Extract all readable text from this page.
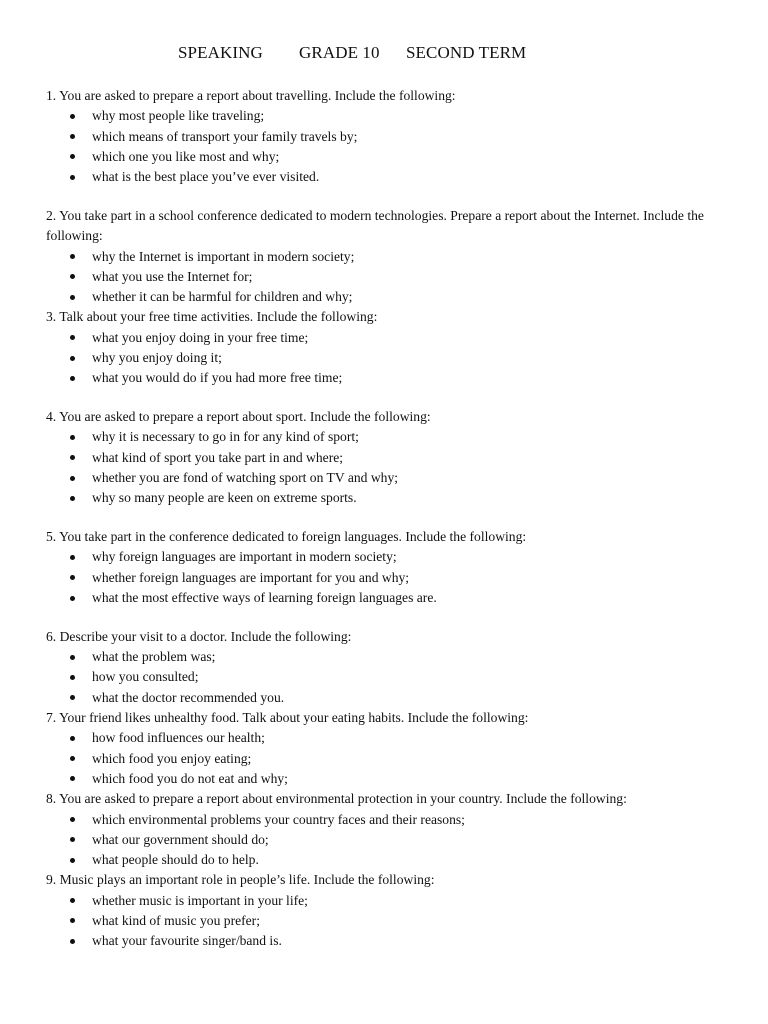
SPEAKING GRADE 10 SECOND TERM

1. You are asked to prepare a report about travelling. Include the following:

why most people like traveling;
which means of transport your family travels by;
which one you like most and why;
what is the best place you’ve ever visited.

2. You take part in a school conference dedicated to modern technologies. Prepare a report about the Internet. Include the following:

why the Internet is important in modern society;
what you use the Internet for;
whether it can be harmful for children and why;

3. Talk about your free time activities. Include the following:

what you enjoy doing in your free time;
why you enjoy doing it;
what you would do if you had more free time;

4. You are asked to prepare a report about sport. Include the following:

why it is necessary to go in for any kind of sport;
what kind of sport you take part in and where;
whether you are fond of watching sport on TV and why;
why so many people are keen on extreme sports.

5. You take part in the conference dedicated to foreign languages. Include the following:

why foreign languages are important in modern society;
whether foreign languages are important for you and why;
what the most effective ways of learning foreign languages are.

6. Describe your visit to a doctor. Include the following:

what the problem was;
how you consulted;
what the doctor recommended you.

7. Your friend likes unhealthy food. Talk about your eating habits. Include the following:

how food influences our health;
which food you enjoy eating;
which food you do not eat and why;

8. You are asked to prepare a report about environmental protection in your country. Include the following:

which environmental problems your country faces and their reasons;
what our government should do;
what people should do to help.

9. Music plays an important role in people’s life. Include the following:

whether music is important in your life;
what kind of music you prefer;
what your favourite singer/band is.
